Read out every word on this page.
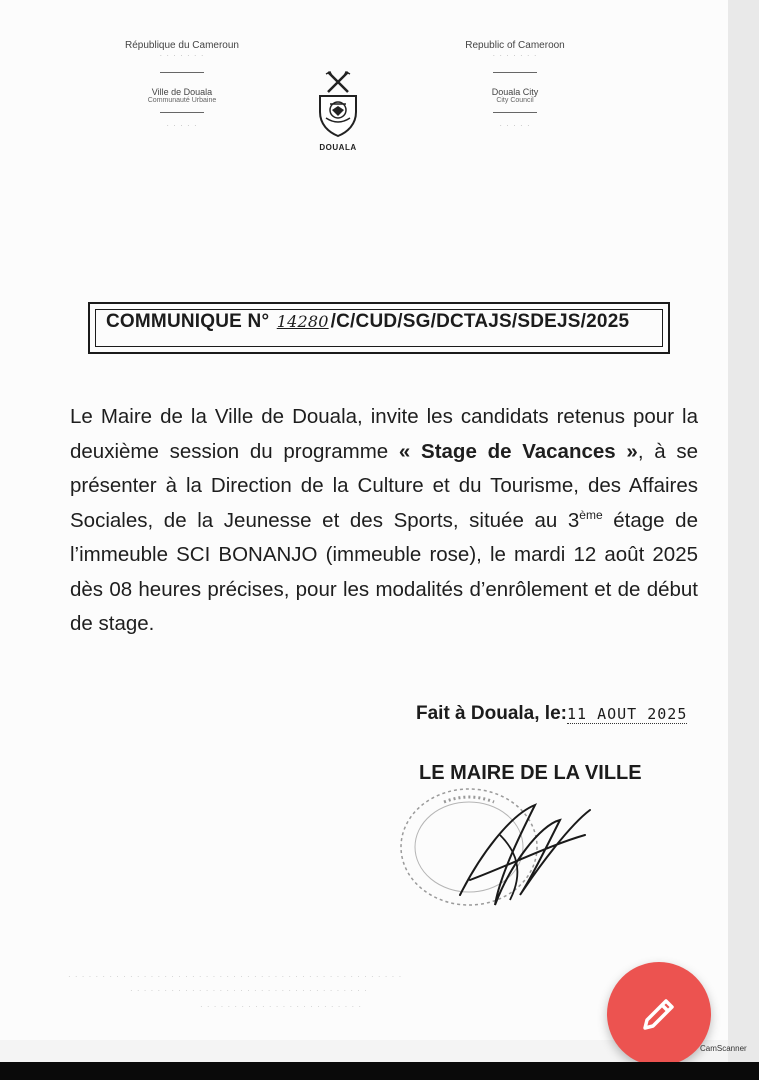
République du Cameroun
· · · · · · ·
Ville de Douala
Communauté Urbaine
· · · · ·
DOUALA
Republic of Cameroon
· · · · · · ·
Douala City
City Council
· · · · ·
COMMUNIQUE N° 14280 /C/CUD/SG/DCTAJS/SDEJS/2025
Le Maire de la Ville de Douala, invite les candidats retenus pour la deuxième session du programme « Stage de Vacances », à se présenter à la Direction de la Culture et du Tourisme, des Affaires Sociales, de la Jeunesse et des Sports, située au 3ème étage de l’immeuble SCI BONANJO (immeuble rose), le mardi 12 août 2025 dès 08 heures précises, pour les modalités d’enrôlement et de début de stage.
Fait à Douala, le:11 AOUT 2025
LE MAIRE DE LA VILLE
· · · · · · · · · · · · · · · · · · · · · · · · · · · · · · · · · · · · · · · · · · · · · · · · ·
· · · · · · · · · · · · · · · · · · · · · · · · · · · · · · · · · · ·
· · · · · · · · · · · · · · · · · · · · · · · ·
CamScanner
